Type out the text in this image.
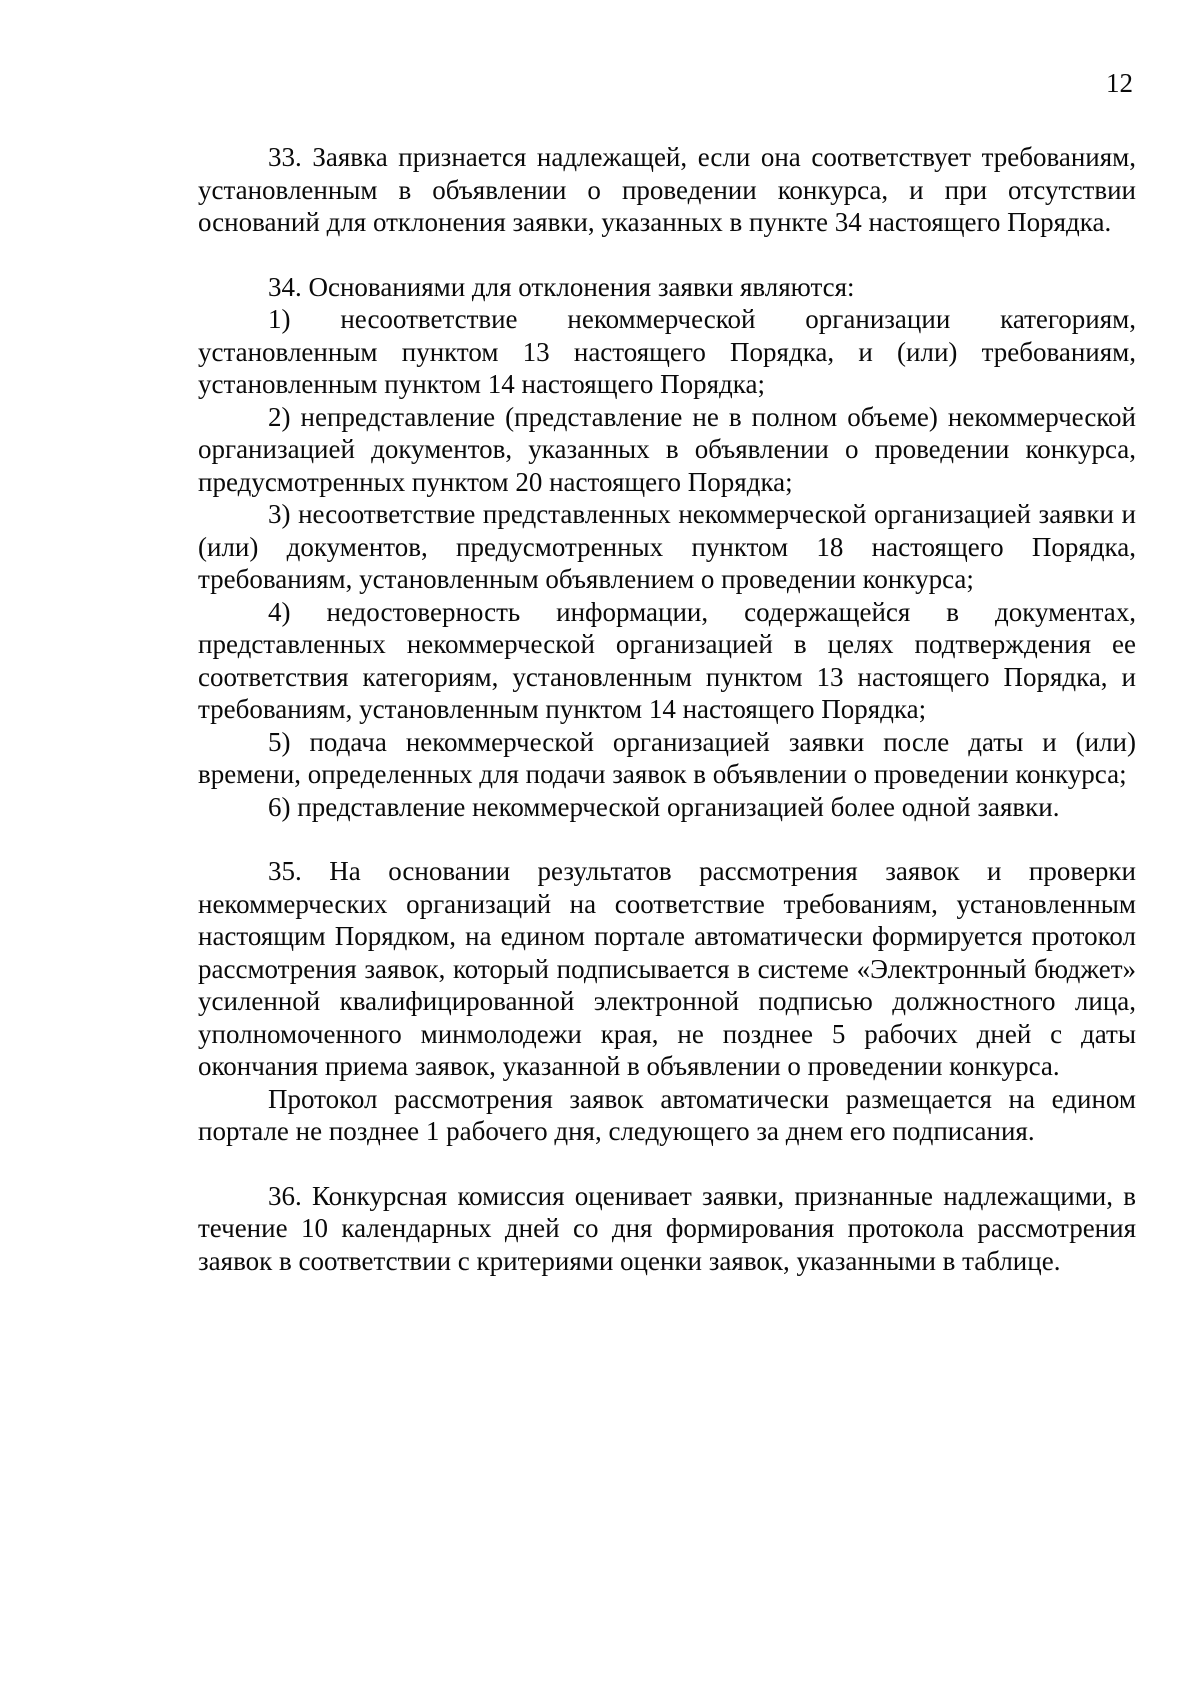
12

33. Заявка признается надлежащей, если она соответствует требованиям, установленным в объявлении о проведении конкурса, и при отсутствии оснований для отклонения заявки, указанных в пункте 34 настоящего Порядка.

34. Основаниями для отклонения заявки являются:

1) несоответствие некоммерческой организации категориям, установленным пунктом 13 настоящего Порядка, и (или) требованиям, установленным пунктом 14 настоящего Порядка;

2) непредставление (представление не в полном объеме) некоммерческой организацией документов, указанных в объявлении о проведении конкурса, предусмотренных пунктом 20 настоящего Порядка;

3) несоответствие представленных некоммерческой организацией заявки и (или) документов, предусмотренных пунктом 18 настоящего Порядка, требованиям, установленным объявлением о проведении конкурса;

4) недостоверность информации, содержащейся в документах, представленных некоммерческой организацией в целях подтверждения ее соответствия категориям, установленным пунктом 13 настоящего Порядка, и требованиям, установленным пунктом 14 настоящего Порядка;

5) подача некоммерческой организацией заявки после даты и (или) времени, определенных для подачи заявок в объявлении о проведении конкурса;

6) представление некоммерческой организацией более одной заявки.

35. На основании результатов рассмотрения заявок и проверки некоммерческих организаций на соответствие требованиям, установленным настоящим Порядком, на едином портале автоматически формируется протокол рассмотрения заявок, который подписывается в системе «Электронный бюджет» усиленной квалифицированной электронной подписью должностного лица, уполномоченного минмолодежи края, не позднее 5 рабочих дней с даты окончания приема заявок, указанной в объявлении о проведении конкурса.

Протокол рассмотрения заявок автоматически размещается на едином портале не позднее 1 рабочего дня, следующего за днем его подписания.

36. Конкурсная комиссия оценивает заявки, признанные надлежащими, в течение 10 календарных дней со дня формирования протокола рассмотрения заявок в соответствии с критериями оценки заявок, указанными в таблице.
